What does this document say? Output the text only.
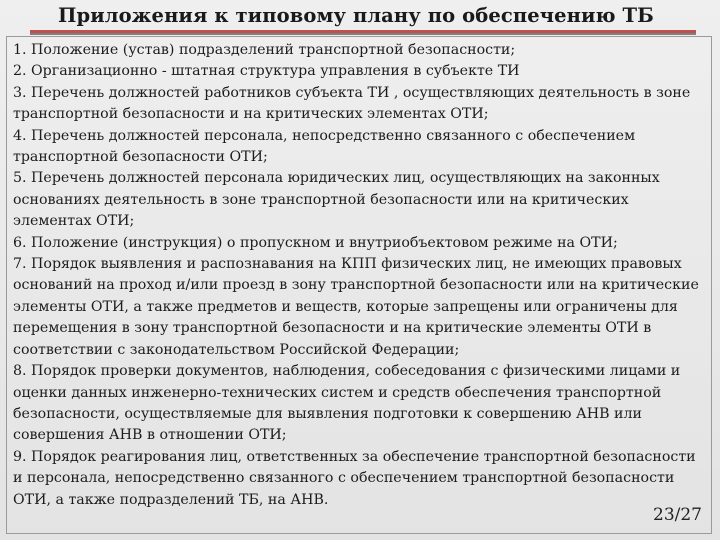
Приложения к типовому плану по обеспечению ТБ
1. Положение (устав) подразделений транспортной безопасности;
2. Организационно - штатная структура управления в субъекте ТИ
3. Перечень должностей работников субъекта ТИ , осуществляющих деятельность в зоне транспортной безопасности и на критических элементах ОТИ;
4. Перечень должностей персонала, непосредственно связанного с обеспечением транспортной безопасности ОТИ;
5. Перечень должностей персонала юридических лиц, осуществляющих на законных основаниях деятельность в зоне транспортной безопасности или на критических элементах ОТИ;
6. Положение (инструкция) о пропускном и внутриобъектовом режиме на ОТИ;
7. Порядок выявления и распознавания на КПП физических лиц, не имеющих правовых оснований на проход и/или проезд в зону транспортной безопасности или на критические элементы ОТИ, а также предметов и веществ, которые запрещены или ограничены для перемещения в зону транспортной безопасности и на критические элементы ОТИ в соответствии с законодательством Российской Федерации;
8. Порядок проверки документов, наблюдения, собеседования с физическими лицами и оценки данных инженерно-технических систем и средств обеспечения транспортной безопасности, осуществляемые для выявления подготовки к совершению АНВ или совершения АНВ в отношении ОТИ;
9. Порядок реагирования лиц, ответственных за обеспечение транспортной безопасности и персонала, непосредственно связанного с обеспечением транспортной безопасности ОТИ, а также подразделений ТБ, на АНВ.
23/27
